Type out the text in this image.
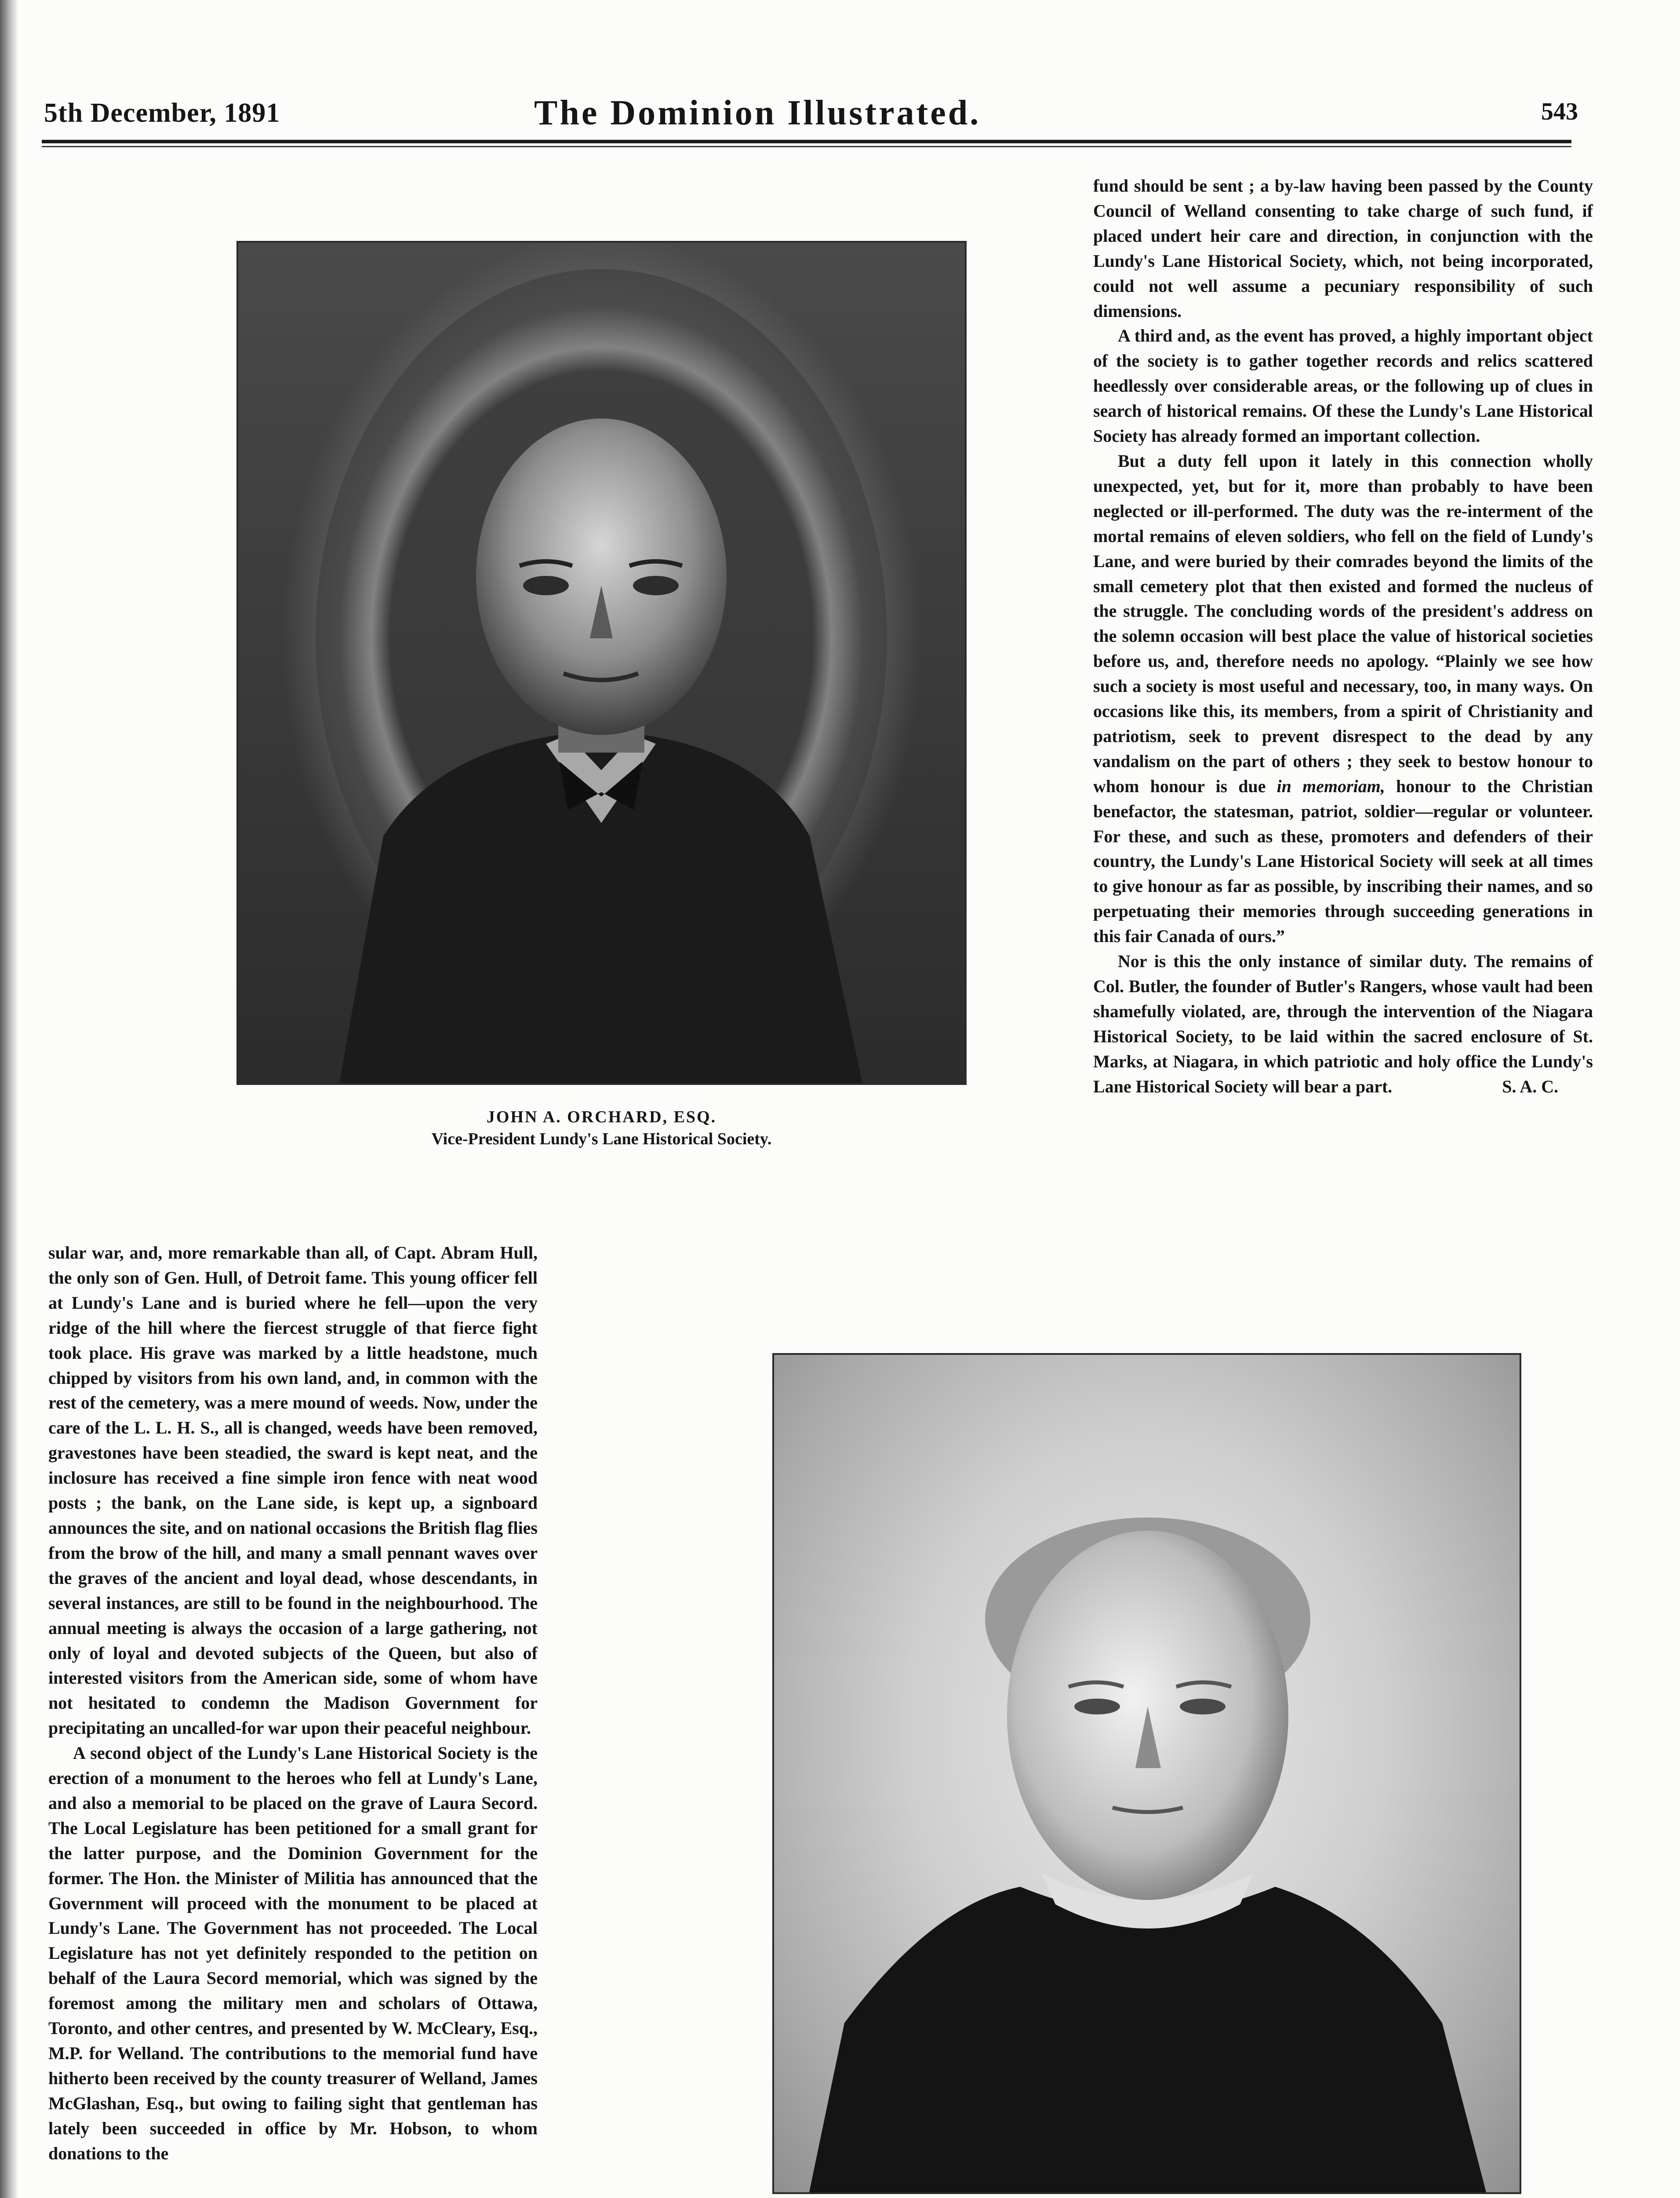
5th December, 1891	The Dominion Illustrated.	543
JOHN A. ORCHARD, ESQ.
Vice-President Lundy's Lane Historical Society.

fund should be sent ; a by-law having been passed by the County Council of Welland consenting to take charge of such fund, if placed undert heir care and direction, in conjunction with the Lundy's Lane Historical Society, which, not being incorporated, could not well assume a pecuniary responsibility of such dimensions.

A third and, as the event has proved, a highly important object of the society is to gather together records and relics scattered heedlessly over considerable areas, or the following up of clues in search of historical remains. Of these the Lundy's Lane Historical Society has already formed an important collection.

But a duty fell upon it lately in this connection wholly unexpected, yet, but for it, more than probably to have been neglected or ill-performed. The duty was the re-interment of the mortal remains of eleven soldiers, who fell on the field of Lundy's Lane, and were buried by their comrades beyond the limits of the small cemetery plot that then existed and formed the nucleus of the struggle. The concluding words of the president's address on the solemn occasion will best place the value of historical societies before us, and, therefore needs no apology. “Plainly we see how such a society is most useful and necessary, too, in many ways. On occasions like this, its members, from a spirit of Christianity and patriotism, seek to prevent disrespect to the dead by any vandalism on the part of others ; they seek to bestow honour to whom honour is due in memoriam, honour to the Christian benefactor, the statesman, patriot, soldier—regular or volunteer. For these, and such as these, promoters and defenders of their country, the Lundy's Lane Historical Society will seek at all times to give honour as far as possible, by inscribing their names, and so perpetuating their memories through succeeding generations in this fair Canada of ours.”

Nor is this the only instance of similar duty. The remains of Col. Butler, the founder of Butler's Rangers, whose vault had been shamefully violated, are, through the intervention of the Niagara Historical Society, to be laid within the sacred enclosure of St. Marks, at Niagara, in which patriotic and holy office the Lundy's Lane Historical Society will bear a part.	S. A. C.

sular war, and, more remarkable than all, of Capt. Abram Hull, the only son of Gen. Hull, of Detroit fame. This young officer fell at Lundy's Lane and is buried where he fell—upon the very ridge of the hill where the fiercest struggle of that fierce fight took place. His grave was marked by a little headstone, much chipped by visitors from his own land, and, in common with the rest of the cemetery, was a mere mound of weeds. Now, under the care of the L. L. H. S., all is changed, weeds have been removed, gravestones have been steadied, the sward is kept neat, and the inclosure has received a fine simple iron fence with neat wood posts ; the bank, on the Lane side, is kept up, a signboard announces the site, and on national occasions the British flag flies from the brow of the hill, and many a small pennant waves over the graves of the ancient and loyal dead, whose descendants, in several instances, are still to be found in the neighbourhood. The annual meeting is always the occasion of a large gathering, not only of loyal and devoted subjects of the Queen, but also of interested visitors from the American side, some of whom have not hesitated to condemn the Madison Government for precipitating an uncalled-for war upon their peaceful neighbour.

A second object of the Lundy's Lane Historical Society is the erection of a monument to the heroes who fell at Lundy's Lane, and also a memorial to be placed on the grave of Laura Secord. The Local Legislature has been petitioned for a small grant for the latter purpose, and the Dominion Government for the former. The Hon. the Minister of Militia has announced that the Government will proceed with the monument to be placed at Lundy's Lane. The Government has not proceeded. The Local Legislature has not yet definitely responded to the petition on behalf of the Laura Secord memorial, which was signed by the foremost among the military men and scholars of Ottawa, Toronto, and other centres, and presented by W. McCleary, Esq., M.P. for Welland. The contributions to the memorial fund have hitherto been received by the county treasurer of Welland, James McGlashan, Esq., but owing to failing sight that gentleman has lately been succeeded in office by Mr. Hobson, to whom donations to the
